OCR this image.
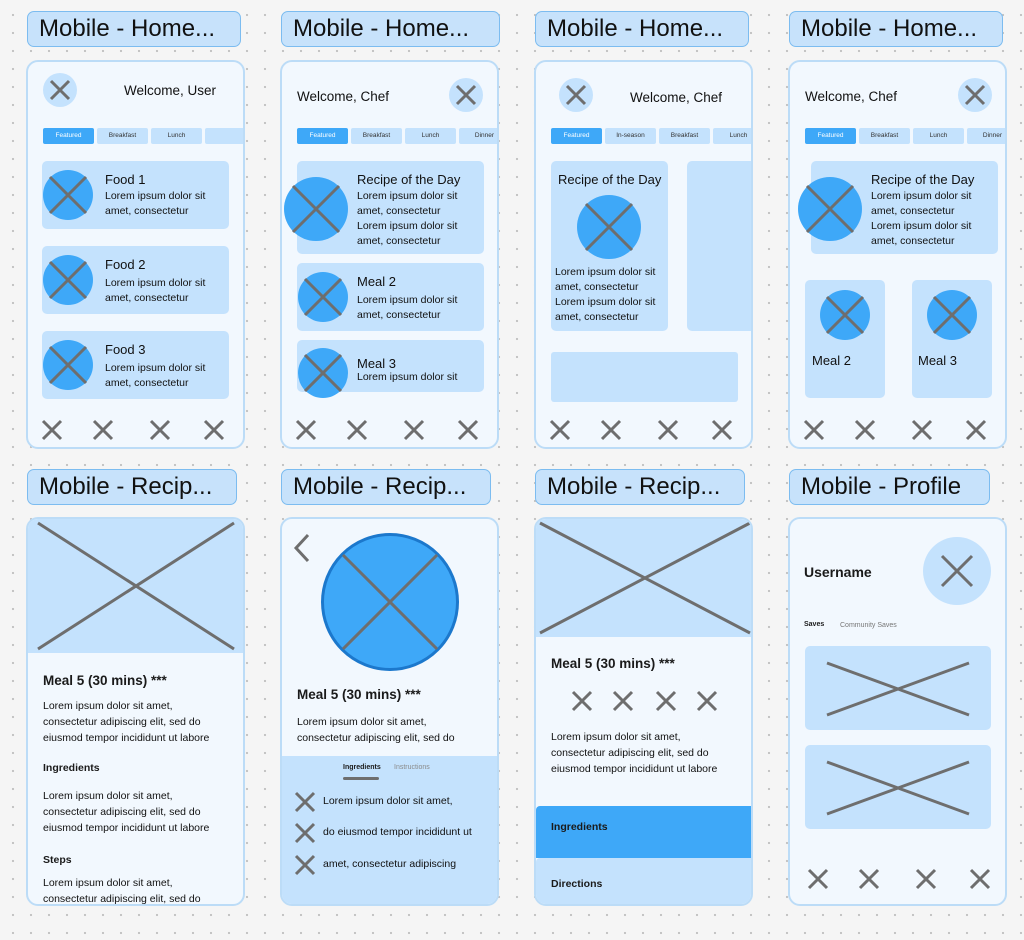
Mobile - Home...	Mobile - Home...	Mobile - Home...	Mobile - Home...
Mobile - Recip...	Mobile - Recip...	Mobile - Recip...	Mobile - Profile
Welcome, User
Featured	Breakfast	Lunch
Food 1
Lorem ipsum dolor sit
amet, consectetur
Food 2
Lorem ipsum dolor sit
amet, consectetur
Food 3
Lorem ipsum dolor sit
amet, consectetur
Welcome, Chef
Featured	Breakfast	Lunch	Dinner
Recipe of the Day
Lorem ipsum dolor sit
amet, consectetur
Lorem ipsum dolor sit
amet, consectetur
Meal 2
Lorem ipsum dolor sit
amet, consectetur
Meal 3
Lorem ipsum dolor sit
Welcome, Chef
Featured	In-season	Breakfast	Lunch
Recipe of the Day
Lorem ipsum dolor sit
amet, consectetur
Lorem ipsum dolor sit
amet, consectetur
Welcome, Chef
Featured	Breakfast	Lunch	Dinner
Recipe of the Day
Lorem ipsum dolor sit
amet, consectetur
Lorem ipsum dolor sit
amet, consectetur
Meal 2	Meal 3
Meal 5 (30 mins) ***
Lorem ipsum dolor sit amet,
consectetur adipiscing elit, sed do
eiusmod tempor incididunt ut labore
Ingredients
Lorem ipsum dolor sit amet,
consectetur adipiscing elit, sed do
eiusmod tempor incididunt ut labore
Steps
Lorem ipsum dolor sit amet,
consectetur adipiscing elit, sed do
Meal 5 (30 mins) ***
Lorem ipsum dolor sit amet,
consectetur adipiscing elit, sed do
Ingredients Instructions
Lorem ipsum dolor sit amet,
do eiusmod tempor incididunt ut
amet, consectetur adipiscing
Meal 5 (30 mins) ***
Lorem ipsum dolor sit amet,
consectetur adipiscing elit, sed do
eiusmod tempor incididunt ut labore
Ingredients
Directions
Username
Saves Community Saves
